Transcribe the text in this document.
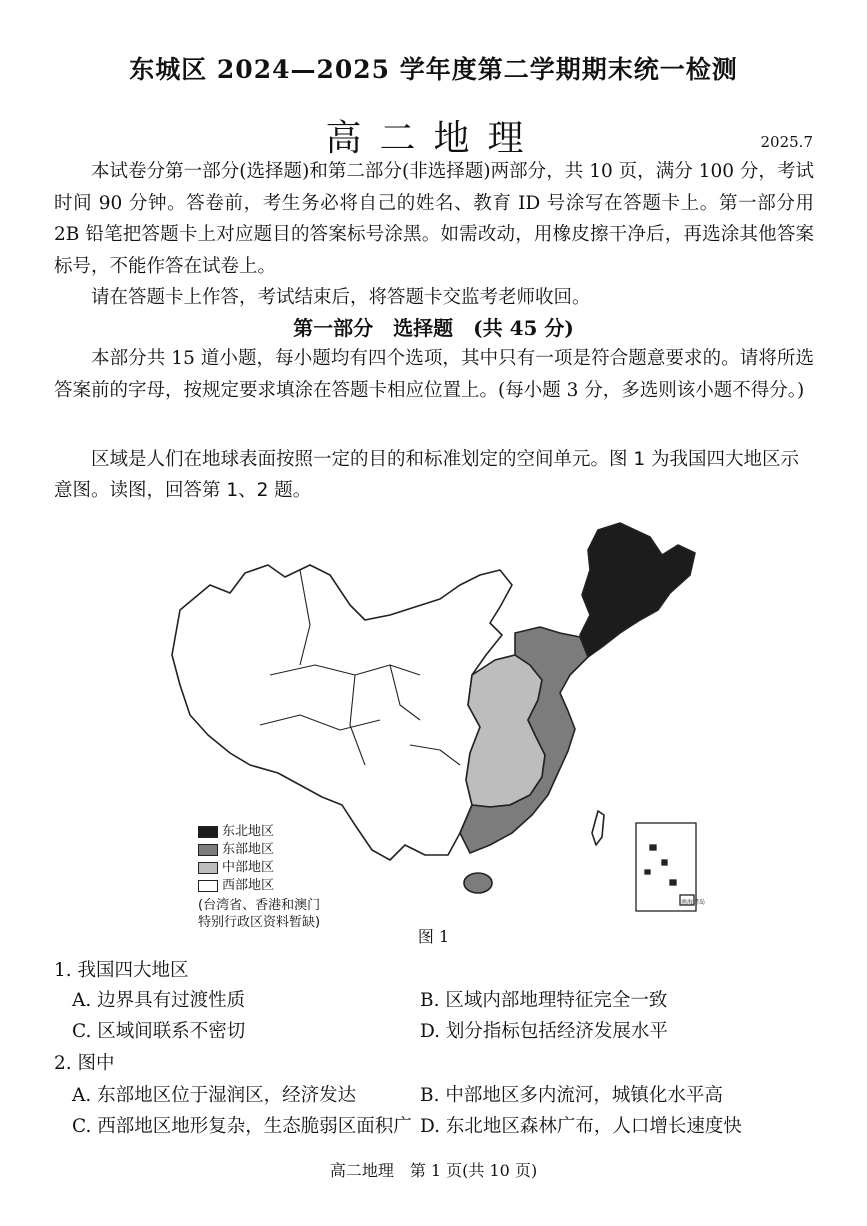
东城区 2024—2025 学年度第二学期期末统一检测
高二地理	2025.7

本试卷分第一部分(选择题)和第二部分(非选择题)两部分，共 10 页，满分 100 分，考试时间 90 分钟。答卷前，考生务必将自己的姓名、教育 ID 号涂写在答题卡上。第一部分用 2B 铅笔把答题卡上对应题目的答案标号涂黑。如需改动，用橡皮擦干净后，再选涂其他答案标号，不能作答在试卷上。

请在答题卡上作答，考试结束后，将答题卡交监考老师收回。

第一部分　选择题　(共 45 分)

本部分共 15 道小题，每小题均有四个选项，其中只有一项是符合题意要求的。请将所选答案前的字母，按规定要求填涂在答题卡相应位置上。(每小题 3 分，多选则该小题不得分。)

区域是人们在地球表面按照一定的目的和标准划定的空间单元。图 1 为我国四大地区示意图。读图，回答第 1、2 题。

南海诸岛
东北地区
东部地区
中部地区
西部地区
(台湾省、香港和澳门
特别行政区资料暂缺)
图 1
1. 我国四大地区
A. 边界具有过渡性质	B. 区域内部地理特征完全一致
C. 区域间联系不密切	D. 划分指标包括经济发展水平
2. 图中
A. 东部地区位于湿润区，经济发达	B. 中部地区多内流河，城镇化水平高
C. 西部地区地形复杂，生态脆弱区面积广 D. 东北地区森林广布，人口增长速度快
高二地理　第 1 页(共 10 页)
